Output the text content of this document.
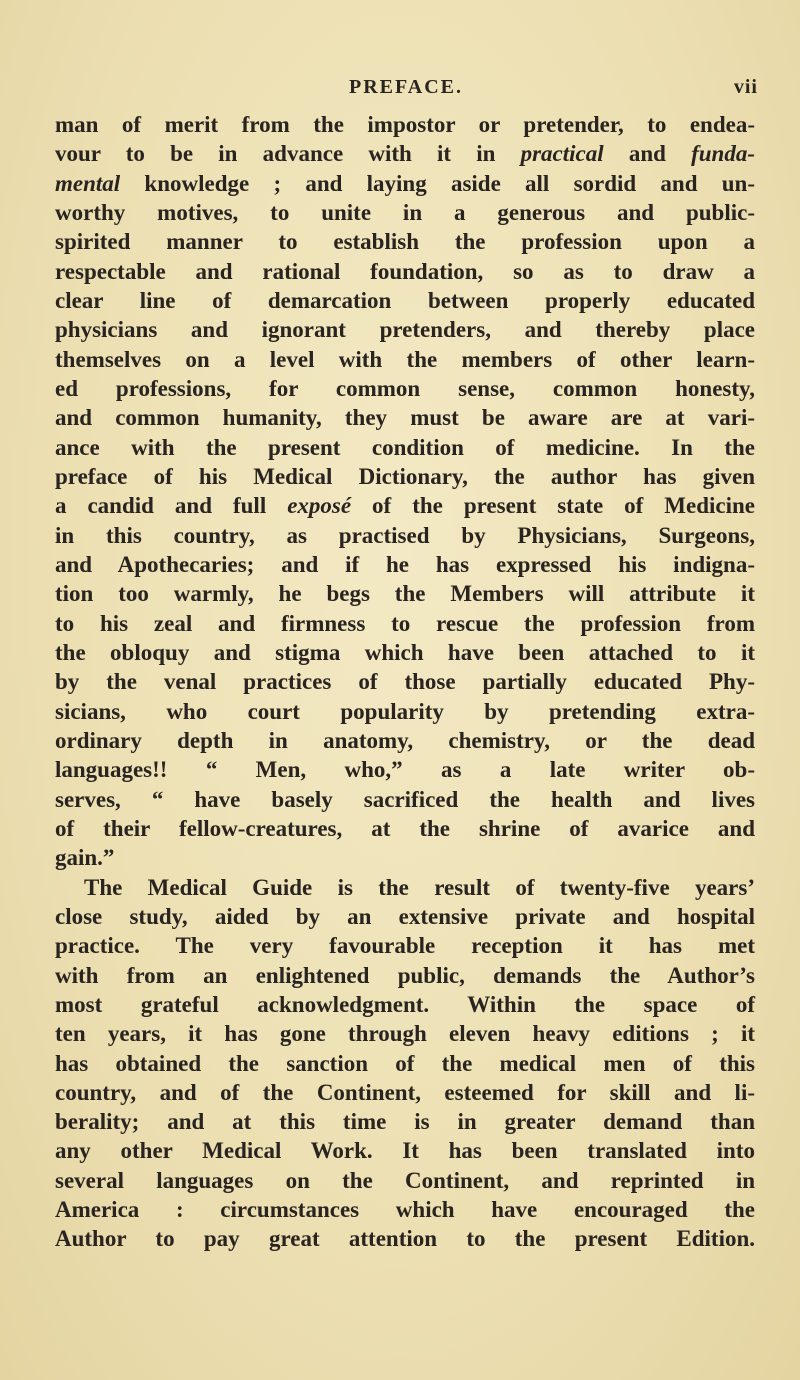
PREFACE.	vii
man of merit from the impostor or pretender, to endea-
vour to be in advance with it in practical and funda-
mental knowledge ; and laying aside all sordid and un-
worthy motives, to unite in a generous and public-
spirited manner to establish the profession upon a
respectable and rational foundation, so as to draw a
clear line of demarcation between properly educated
physicians and ignorant pretenders, and thereby place
themselves on a level with the members of other learn-
ed professions, for common sense, common honesty,
and common humanity, they must be aware are at vari-
ance with the present condition of medicine. In the
preface of his Medical Dictionary, the author has given
a candid and full exposé of the present state of Medicine
in this country, as practised by Physicians, Surgeons,
and Apothecaries; and if he has expressed his indigna-
tion too warmly, he begs the Members will attribute it
to his zeal and firmness to rescue the profession from
the obloquy and stigma which have been attached to it
by the venal practices of those partially educated Phy-
sicians, who court popularity by pretending extra-
ordinary depth in anatomy, chemistry, or the dead
languages!! “ Men, who,” as a late writer ob-
serves, “ have basely sacrificed the health and lives
of their fellow-creatures, at the shrine of avarice and
gain.”
The Medical Guide is the result of twenty-five years’
close study, aided by an extensive private and hospital
practice. The very favourable reception it has met
with from an enlightened public, demands the Author’s
most grateful acknowledgment. Within the space of
ten years, it has gone through eleven heavy editions ; it
has obtained the sanction of the medical men of this
country, and of the Continent, esteemed for skill and li-
berality; and at this time is in greater demand than
any other Medical Work. It has been translated into
several languages on the Continent, and reprinted in
America : circumstances which have encouraged the
Author to pay great attention to the present Edition.
